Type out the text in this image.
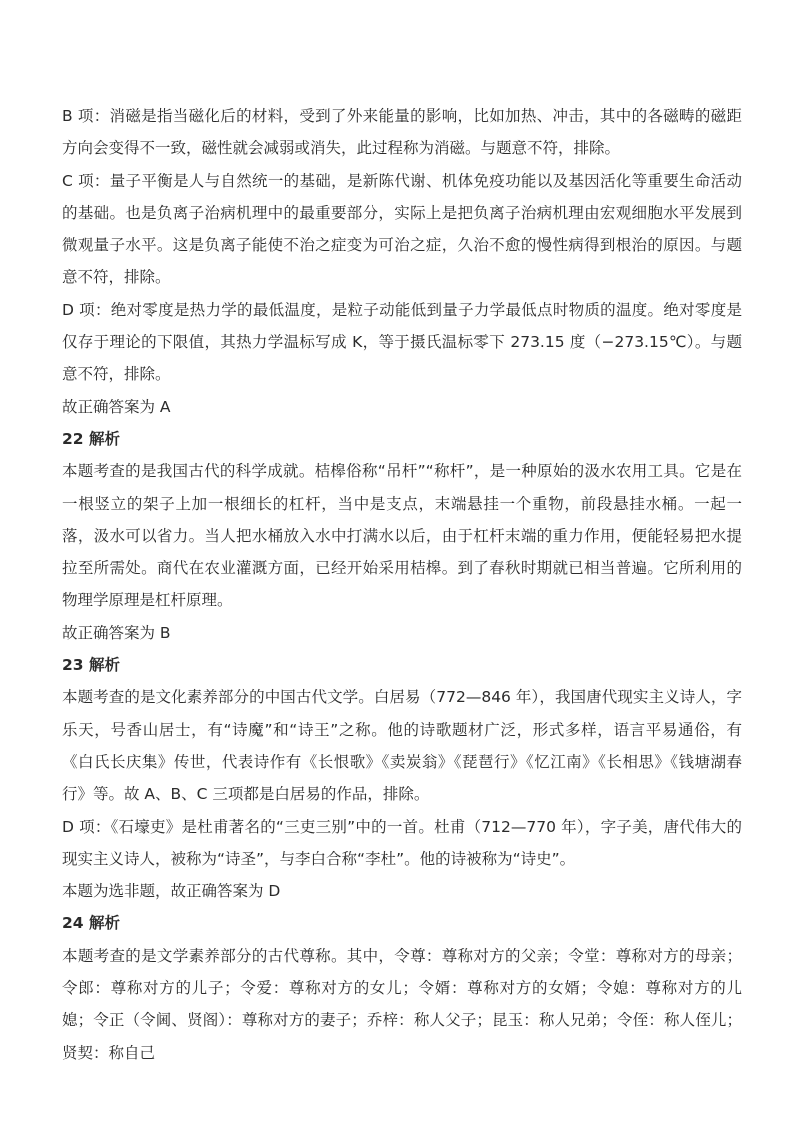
B 项：消磁是指当磁化后的材料，受到了外来能量的影响，比如加热、冲击，其中的各磁畴的磁距方向会变得不一致，磁性就会减弱或消失，此过程称为消磁。与题意不符，排除。

C 项：量子平衡是人与自然统一的基础，是新陈代谢、机体免疫功能以及基因活化等重要生命活动的基础。也是负离子治病机理中的最重要部分，实际上是把负离子治病机理由宏观细胞水平发展到微观量子水平。这是负离子能使不治之症变为可治之症，久治不愈的慢性病得到根治的原因。与题意不符，排除。

D 项：绝对零度是热力学的最低温度，是粒子动能低到量子力学最低点时物质的温度。绝对零度是仅存于理论的下限值，其热力学温标写成 K，等于摄氏温标零下 273.15 度（−273.15℃）。与题意不符，排除。

故正确答案为 A

22 解析

本题考查的是我国古代的科学成就。桔槔俗称“吊杆”“称杆”，是一种原始的汲水农用工具。它是在一根竖立的架子上加一根细长的杠杆，当中是支点，末端悬挂一个重物，前段悬挂水桶。一起一落，汲水可以省力。当人把水桶放入水中打满水以后，由于杠杆末端的重力作用，便能轻易把水提拉至所需处。商代在农业灌溉方面，已经开始采用桔槔。到了春秋时期就已相当普遍。它所利用的物理学原理是杠杆原理。

故正确答案为 B

23 解析

本题考查的是文化素养部分的中国古代文学。白居易（772—846 年），我国唐代现实主义诗人，字乐天，号香山居士，有“诗魔”和“诗王”之称。他的诗歌题材广泛，形式多样，语言平易通俗，有《白氏长庆集》传世，代表诗作有《长恨歌》《卖炭翁》《琵琶行》《忆江南》《长相思》《钱塘湖春行》等。故 A、B、C 三项都是白居易的作品，排除。

D 项：《石壕吏》是杜甫著名的“三吏三别”中的一首。杜甫（712—770 年），字子美，唐代伟大的现实主义诗人，被称为“诗圣”，与李白合称“李杜”。他的诗被称为“诗史”。

本题为选非题，故正确答案为 D

24 解析

本题考查的是文学素养部分的古代尊称。其中，令尊：尊称对方的父亲；令堂：尊称对方的母亲；令郎：尊称对方的儿子；令爱：尊称对方的女儿；令婿：尊称对方的女婿；令媳：尊称对方的儿媳；令正（令阃、贤阁）：尊称对方的妻子；乔梓：称人父子；昆玉：称人兄弟；令侄：称人侄儿；贤契：称自己
